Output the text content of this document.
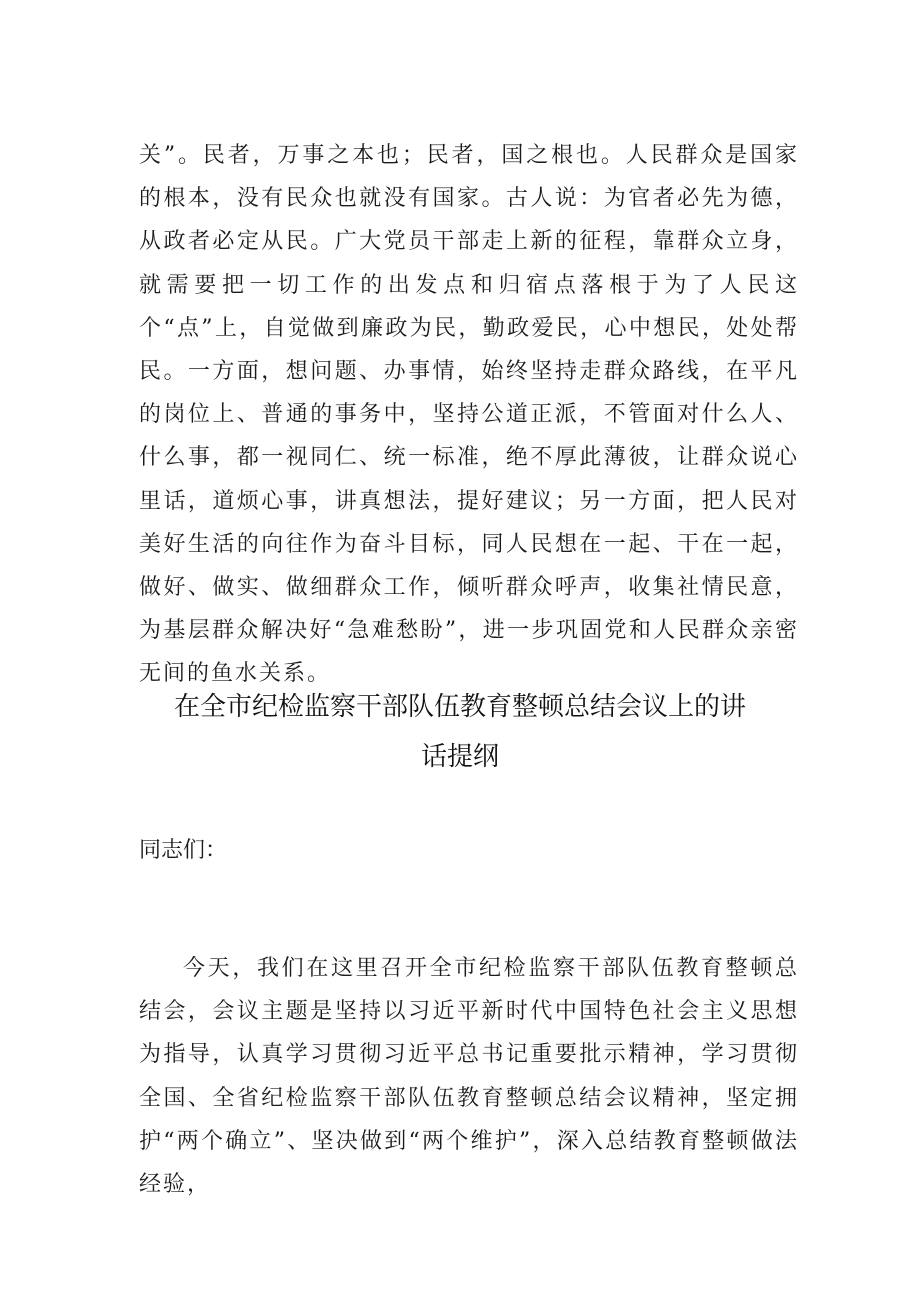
关”。民者，万事之本也；民者，国之根也。人民群众是国家的根本，没有民众也就没有国家。古人说：为官者必先为德，从政者必定从民。广大党员干部走上新的征程，靠群众立身，就需要把一切工作的出发点和归宿点落根于为了人民这个“点”上，自觉做到廉政为民，勤政爱民，心中想民，处处帮民。一方面，想问题、办事情，始终坚持走群众路线，在平凡的岗位上、普通的事务中，坚持公道正派，不管面对什么人、什么事，都一视同仁、统一标准，绝不厚此薄彼，让群众说心里话，道烦心事，讲真想法，提好建议；另一方面，把人民对美好生活的向往作为奋斗目标，同人民想在一起、干在一起，做好、做实、做细群众工作，倾听群众呼声，收集社情民意，为基层群众解决好“急难愁盼”，进一步巩固党和人民群众亲密无间的鱼水关系。

在全市纪检监察干部队伍教育整顿总结会议上的讲
话提纲
同志们：

今天，我们在这里召开全市纪检监察干部队伍教育整顿总结会，会议主题是坚持以习近平新时代中国特色社会主义思想为指导，认真学习贯彻习近平总书记重要批示精神，学习贯彻全国、全省纪检监察干部队伍教育整顿总结会议精神，坚定拥护“两个确立”、坚决做到“两个维护”，深入总结教育整顿做法经验，
